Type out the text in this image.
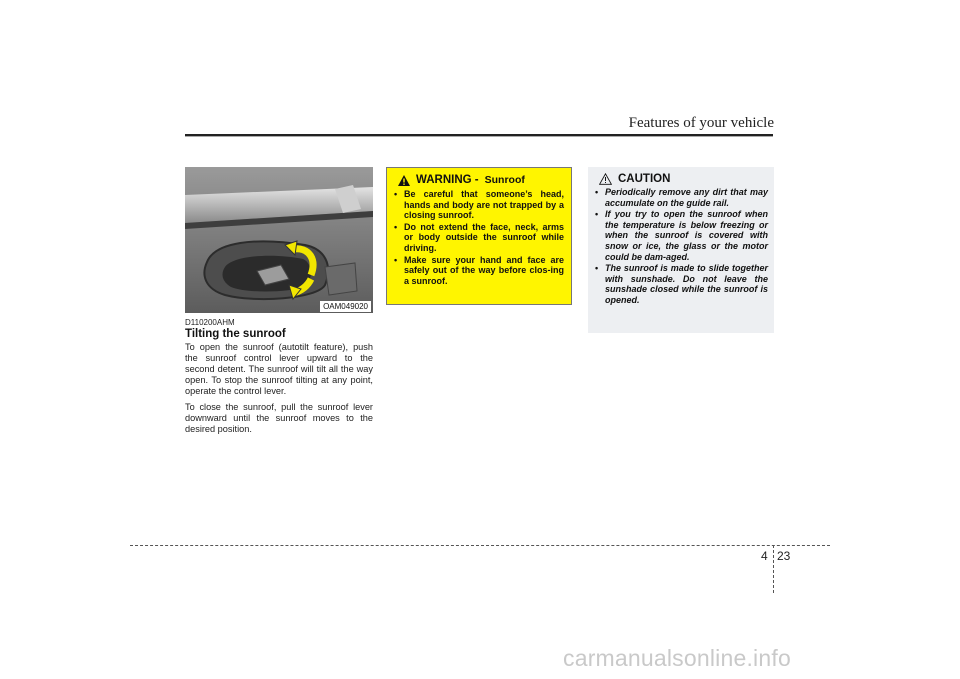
Features of your vehicle
OAM049020
D110200AHM
Tilting the sunroof

To open the sunroof (autotilt feature), push the sunroof control lever upward to the second detent. The sunroof will tilt all the way open. To stop the sunroof tilting at any point, operate the control lever.

To close the sunroof, pull the sunroof lever downward until the sunroof moves to the desired position.

WARNING - Sunroof
• Be careful that someone’s head, hands and body are not trapped by a closing sunroof.
• Do not extend the face, neck, arms or body outside the sunroof while driving.
• Make sure your hand and face are safely out of the way before clos-ing a sunroof.
CAUTION
• Periodically remove any dirt that may accumulate on the guide rail.
• If you try to open the sunroof when the temperature is below freezing or when the sunroof is covered with snow or ice, the glass or the motor could be dam-aged.
• The sunroof is made to slide together with sunshade. Do not leave the sunshade closed while the sunroof is opened.
4 23
carmanualsonline.info
